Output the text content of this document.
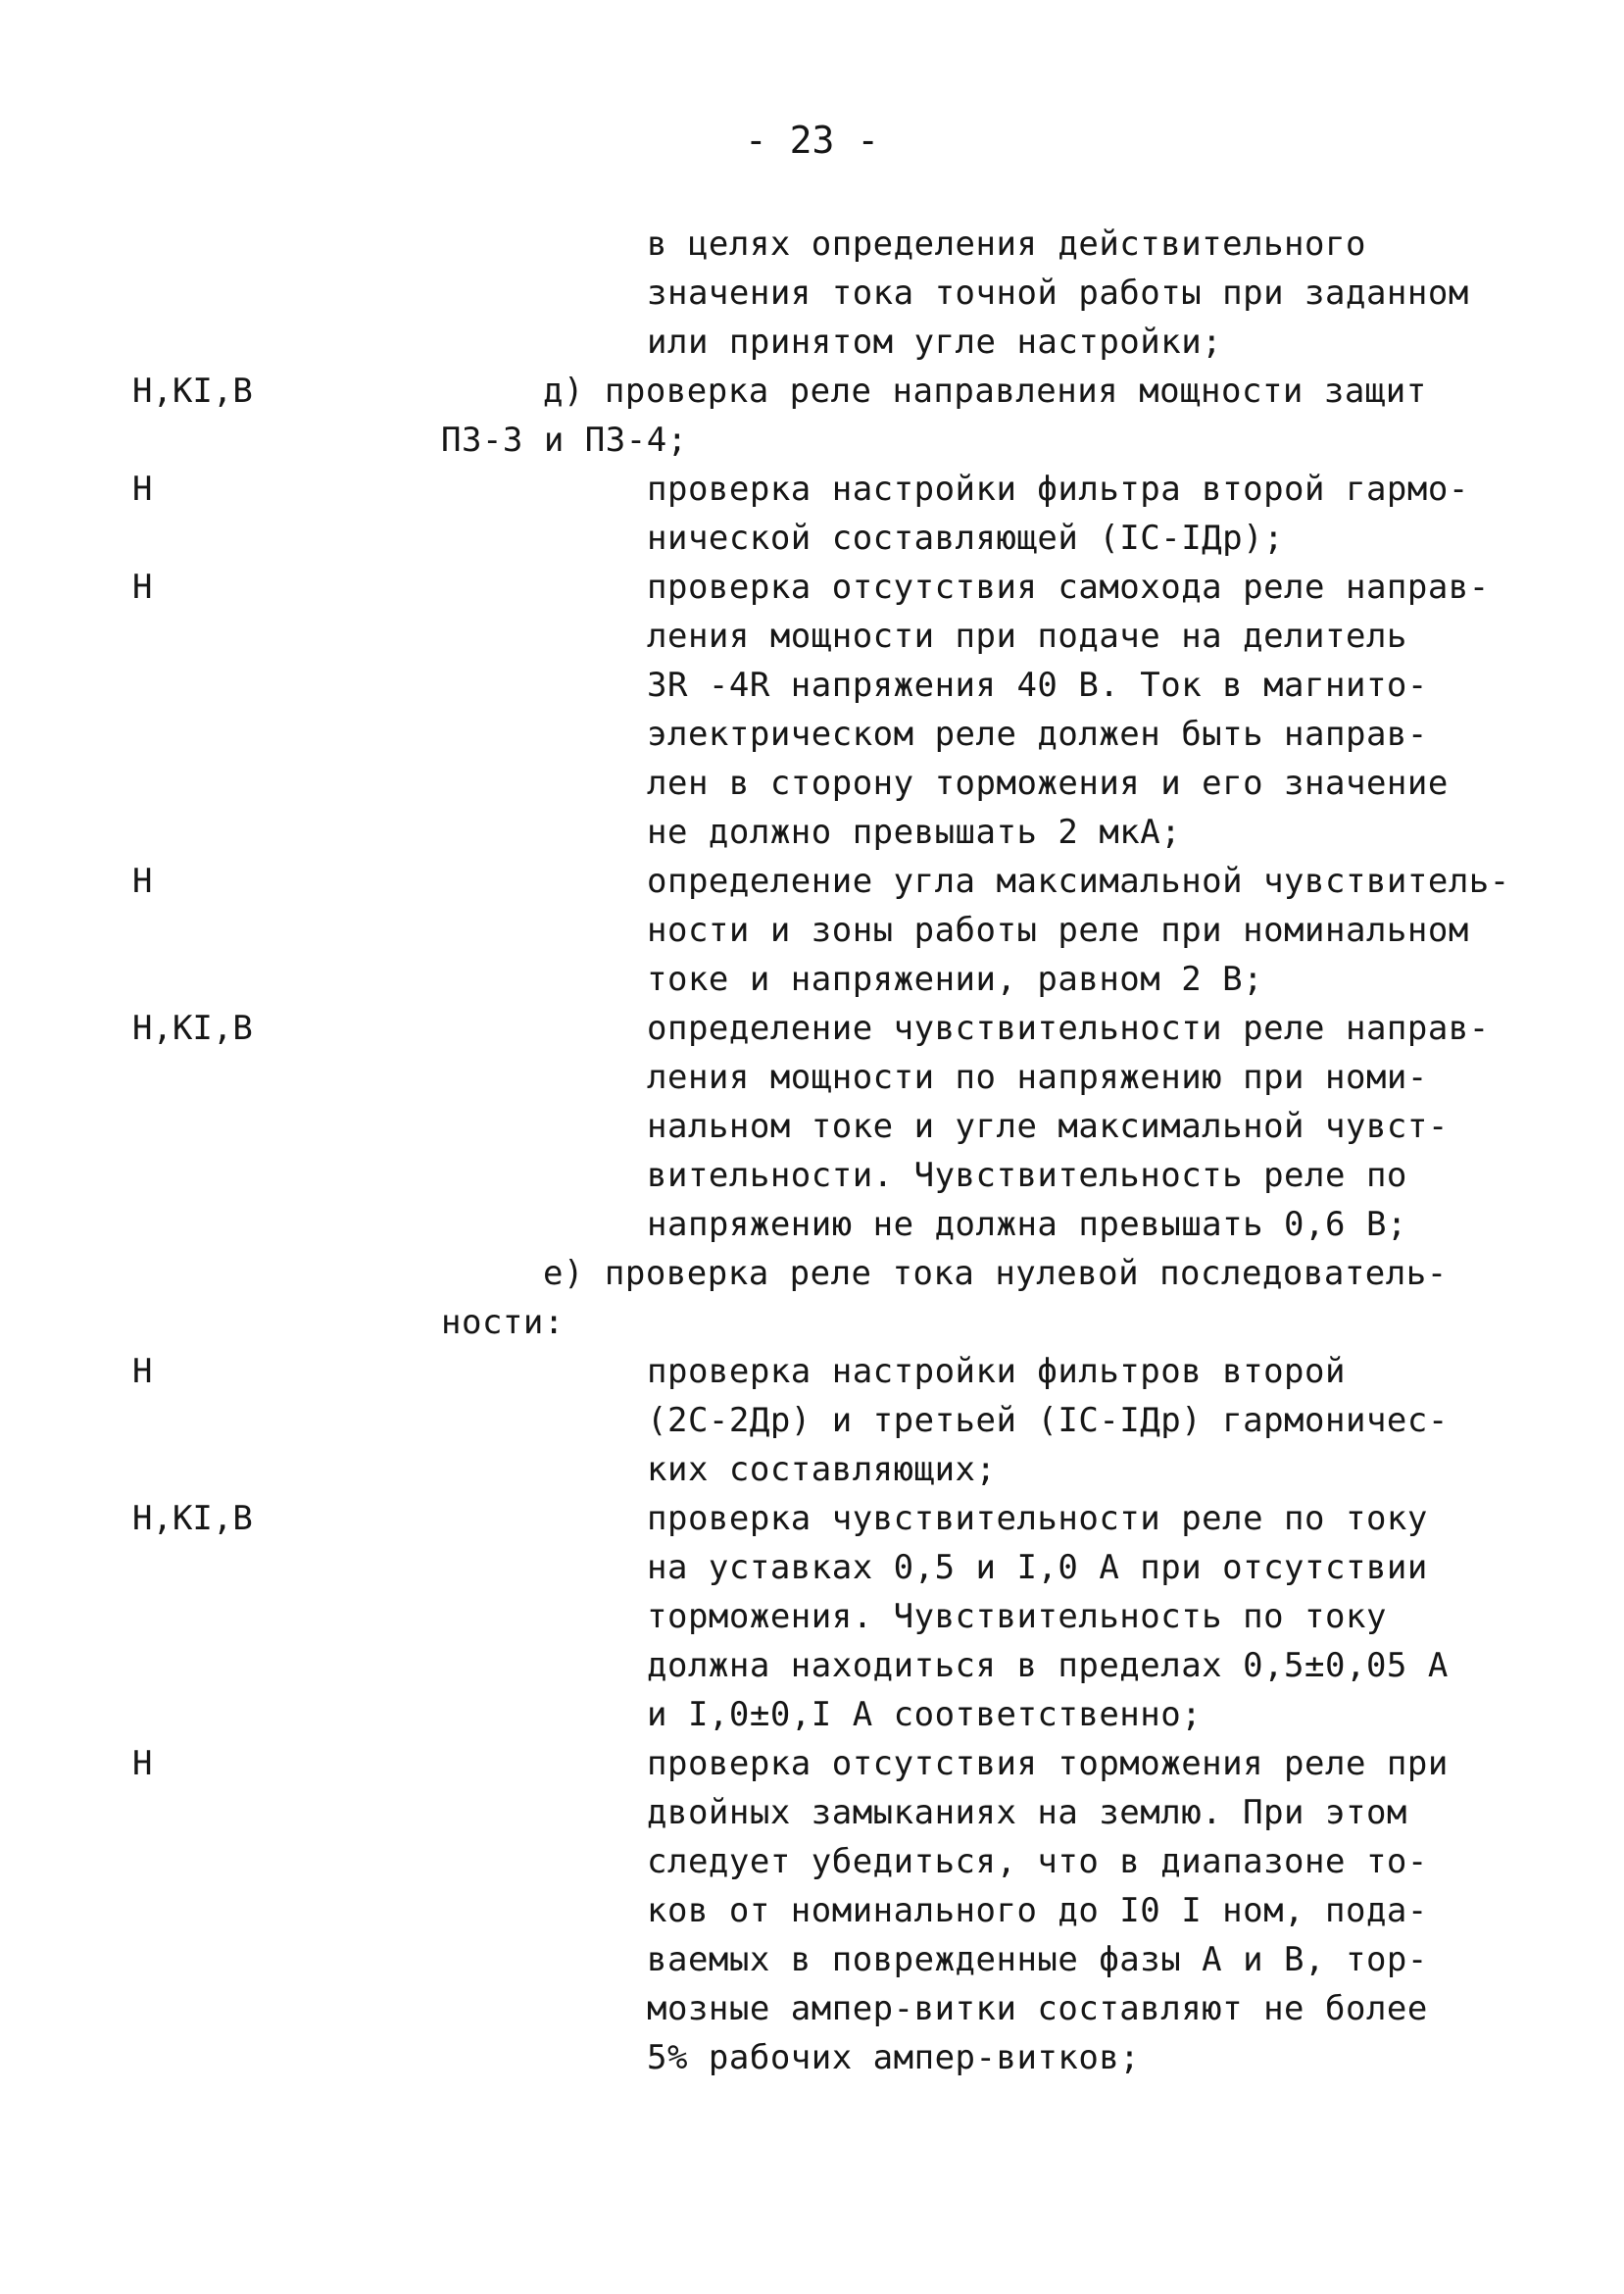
- 23 -
Н,КI,В
Н
Н
Н
Н,КI,В
Н
Н,КI,В
Н
в целях определения действительного
значения тока точной работы при заданном
или принятом угле настройки;
д) проверка реле направления мощности защит
ПЗ-3 и ПЗ-4;
проверка настройки фильтра второй гармо-
нической составляющей (IС-IДр);
проверка отсутствия самохода реле направ-
ления мощности при подаче на делитель
3R -4R напряжения 40 В. Ток в магнито-
электрическом реле должен быть направ-
лен в сторону торможения и его значение
не должно превышать 2 мкА;
определение угла максимальной чувствитель-
ности и зоны работы реле при номинальном
токе и напряжении, равном 2 В;
определение чувствительности реле направ-
ления мощности по напряжению при номи-
нальном токе и угле максимальной чувст-
вительности. Чувствительность реле по
напряжению не должна превышать 0,6 В;
е) проверка реле тока нулевой последователь-
ности:
проверка настройки фильтров второй
(2С-2Др) и третьей (IС-IДр) гармоничес-
ких составляющих;
проверка чувствительности реле по току
на уставках 0,5 и I,0 А при отсутствии
торможения. Чувствительность по току
должна находиться в пределах 0,5±0,05 А
и I,0±0,I А соответственно;
проверка отсутствия торможения реле при
двойных замыканиях на землю. При этом
следует убедиться, что в диапазоне то-
ков от номинального до I0 I ном, пода-
ваемых в поврежденные фазы А и В, тор-
мозные ампер-витки составляют не более
5% рабочих ампер-витков;
